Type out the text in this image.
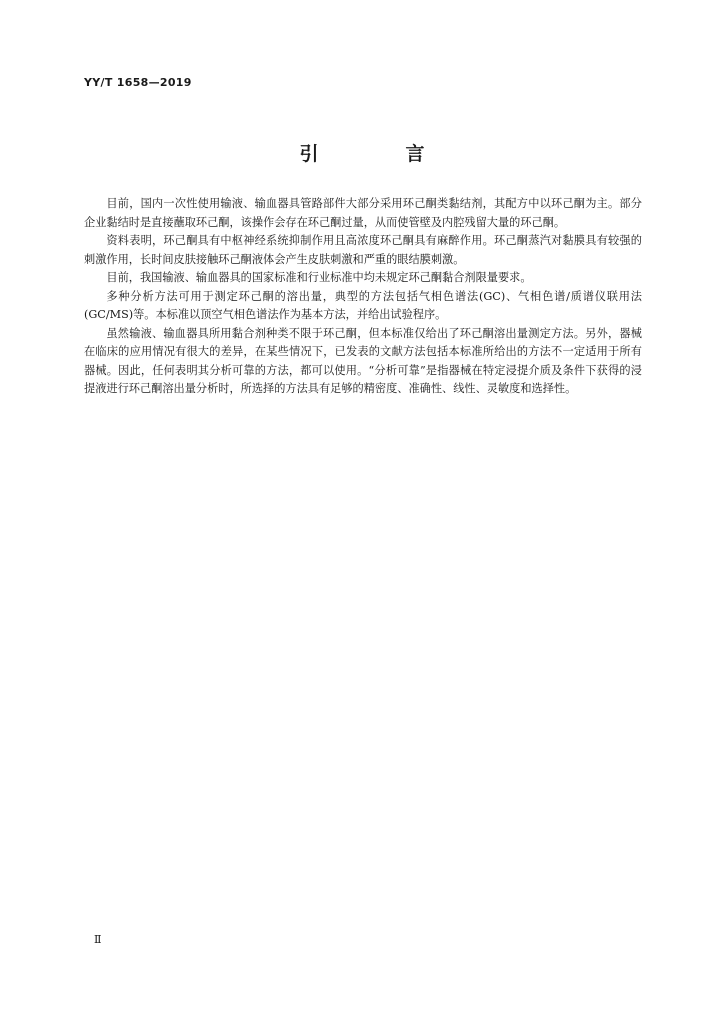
YY/T 1658—2019
引　言

目前，国内一次性使用输液、输血器具管路部件大部分采用环己酮类黏结剂，其配方中以环己酮为主。部分企业黏结时是直接蘸取环己酮，该操作会存在环己酮过量，从而使管壁及内腔残留大量的环己酮。

资料表明，环己酮具有中枢神经系统抑制作用且高浓度环己酮具有麻醉作用。环己酮蒸汽对黏膜具有较强的刺激作用，长时间皮肤接触环己酮液体会产生皮肤刺激和严重的眼结膜刺激。

目前，我国输液、输血器具的国家标准和行业标准中均未规定环己酮黏合剂限量要求。

多种分析方法可用于测定环己酮的溶出量，典型的方法包括气相色谱法(GC)、气相色谱/质谱仪联用法(GC/MS)等。本标准以顶空气相色谱法作为基本方法，并给出试验程序。

虽然输液、输血器具所用黏合剂种类不限于环己酮，但本标准仅给出了环己酮溶出量测定方法。另外，器械在临床的应用情况有很大的差异，在某些情况下，已发表的文献方法包括本标准所给出的方法不一定适用于所有器械。因此，任何表明其分析可靠的方法，都可以使用。“分析可靠”是指器械在特定浸提介质及条件下获得的浸提液进行环己酮溶出量分析时，所选择的方法具有足够的精密度、准确性、线性、灵敏度和选择性。

Ⅱ
